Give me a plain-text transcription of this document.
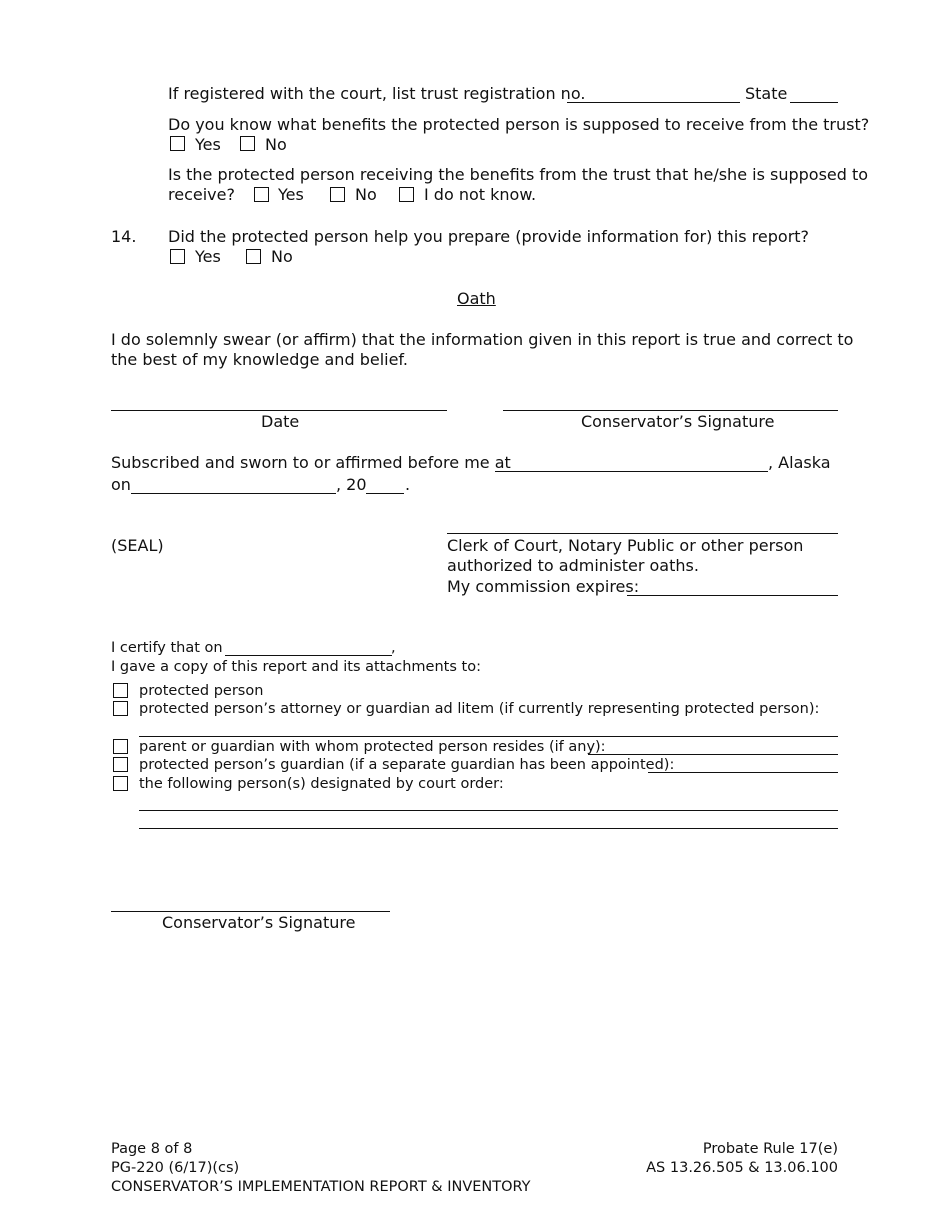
If registered with the court, list trust registration no.	State
Do you know what benefits the protected person is supposed to receive from the trust?
Yes	No
Is the protected person receiving the benefits from the trust that he/she is supposed to
receive?	Yes	No	I do not know.
14. Did the protected person help you prepare (provide information for) this report?
Yes	No
Oath
I do solemnly swear (or affirm) that the information given in this report is true and correct to
the best of my knowledge and belief.
Date	Conservator’s Signature
Subscribed and sworn to or affirmed before me at	, Alaska
on	, 20 .
(SEAL)	Clerk of Court, Notary Public or other person
authorized to administer oaths.
My commission expires:
I certify that on	,
I gave a copy of this report and its attachments to:
protected person
protected person’s attorney or guardian ad litem (if currently representing protected person):
parent or guardian with whom protected person resides (if any):
protected person’s guardian (if a separate guardian has been appointed):
the following person(s) designated by court order:
Conservator’s Signature
Page 8 of 8
PG-220 (6/17)(cs)
CONSERVATOR’S IMPLEMENTATION REPORT & INVENTORY
Probate Rule 17(e)
AS 13.26.505 & 13.06.100
